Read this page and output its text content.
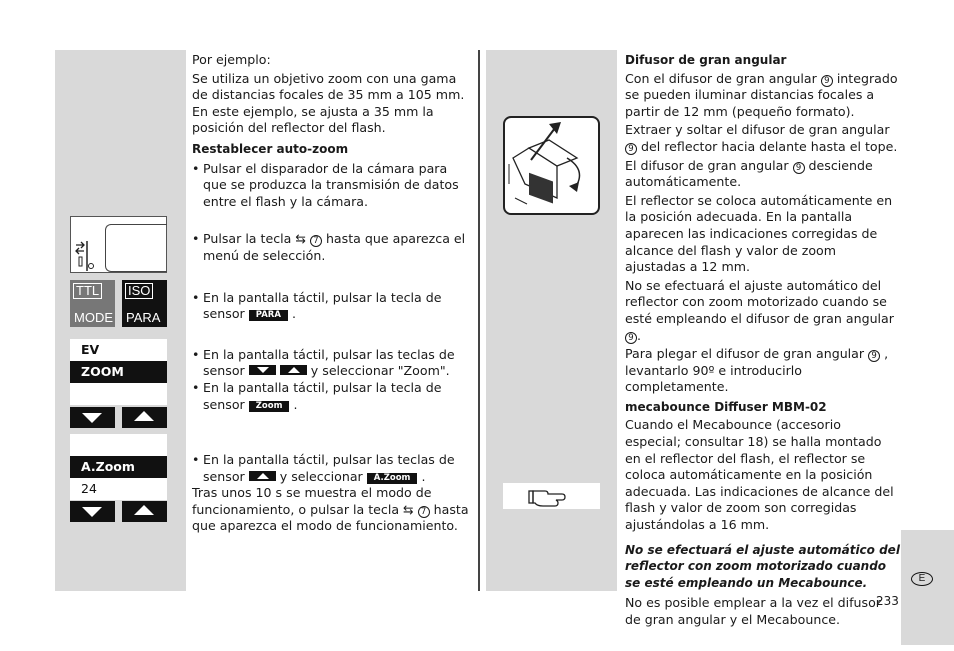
TTL
MODE
ISO
PARA
EV
ZOOM
A.Zoom
24

Por ejemplo:

Se utiliza un objetivo zoom con una gama de distancias focales de 35 mm a 105 mm.

En este ejemplo, se ajusta a 35 mm la posición del reflector del flash.

Restablecer auto-zoom

• Pulsar el disparador de la cámara para que se produzca la transmisión de datos entre el flash y la cámara.

• Pulsar la tecla ⇆ 7 hasta que aparezca el menú de selección.

• En la pantalla táctil, pulsar la tecla de sensor PARA .

• En la pantalla táctil, pulsar las teclas de sensor	y seleccionar "Zoom".

• En la pantalla táctil, pulsar la tecla de sensor Zoom .

• En la pantalla táctil, pulsar las teclas de sensor	y seleccionar A.Zoom .

Tras unos 10 s se muestra el modo de funcionamiento, o pulsar la tecla ⇆ 7 hasta que aparezca el modo de funcionamiento.

Difusor de gran angular

Con el difusor de gran angular 9 integrado se pueden iluminar distancias focales a partir de 12 mm (pequeño formato).

Extraer y soltar el difusor de gran angular 9 del reflector hacia delante hasta el tope.

El difusor de gran angular 9 desciende automáticamente.

El reflector se coloca automáticamente en la posición adecuada. En la pantalla aparecen las indicaciones corregidas de alcance del flash y valor de zoom ajustadas a 12 mm.

No se efectuará el ajuste automático del reflector con zoom motorizado cuando se esté empleando el difusor de gran angular 9 .

Para plegar el difusor de gran angular 9 , levantarlo 90º e introducirlo completamente.

mecabounce Diffuser MBM-02

Cuando el Mecabounce (accesorio especial; consultar 18) se halla montado en el reflector del flash, el reflector se coloca automáticamente en la posición adecuada. Las indicaciones de alcance del flash y valor de zoom son corregidas ajustándolas a 16 mm.

No se efectuará el ajuste automático del reflector con zoom motorizado cuando se esté empleando un Mecabounce.

No es posible emplear a la vez el difusor de gran angular y el Mecabounce.

E
233
